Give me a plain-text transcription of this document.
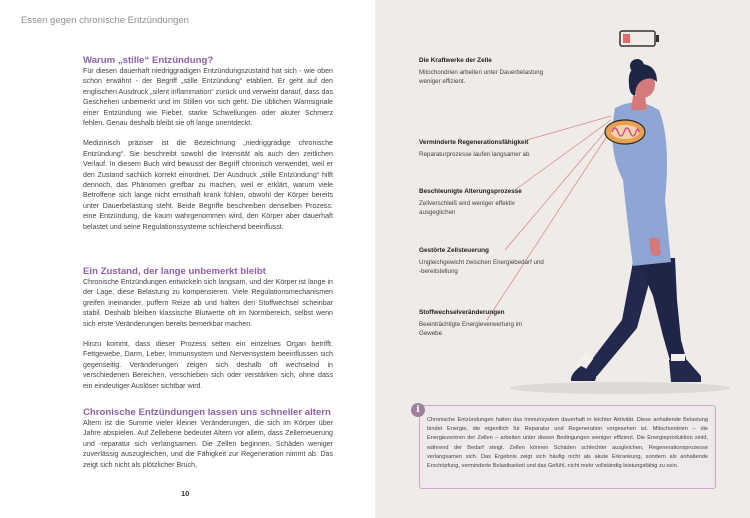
Essen gegen chronische Entzündungen
Warum „stille“ Entzündung?

Für diesen dauerhaft niedriggradigen Entzündungszustand hat sich - wie oben schon erwähnt - der Begriff „stille Entzündung“ etabliert. Er geht auf den englischen Ausdruck „silent inflammation“ zurück und verweist darauf, dass das Geschehen unbemerkt und im Stillen vor sich geht. Die üblichen Warnsignale einer Entzündung wie Fieber, starke Schwellungen oder akuter Schmerz fehlen. Genau deshalb bleibt sie oft lange unentdeckt.

Medizinisch präziser ist die Bezeichnung „niedriggradige chronische Entzündung“. Sie beschreibt sowohl die Intensität als auch den zeitlichen Verlauf. In diesem Buch wird bewusst der Begriff chronisch verwendet, weil er den Zustand sachlich korrekt einordnet. Der Ausdruck „stille Entzündung“ hilft dennoch, das Phänomen greifbar zu machen, weil er erklärt, warum viele Betroffene sich lange nicht ernsthaft krank fühlen, obwohl der Körper bereits unter Dauerbelastung steht. Beide Begriffe beschreiben denselben Prozess: eine Entzündung, die kaum wahrgenommen wird, den Körper aber dauerhaft belastet und seine Regulationssysteme schleichend beeinflusst.

Ein Zustand, der lange unbemerkt bleibt

Chronische Entzündungen entwickeln sich langsam, und der Körper ist lange in der Lage, diese Belastung zu kompensieren. Viele Regulationsmechanismen greifen ineinander, puffern Reize ab und halten den Stoffwechsel scheinbar stabil. Deshalb bleiben klassische Blutwerte oft im Normbereich, selbst wenn sich erste Veränderungen bereits bemerkbar machen.

Hinzu kommt, dass dieser Prozess selten ein einzelnes Organ betrifft. Fettgewebe, Darm, Leber, Immunsystem und Nervensystem beeinflussen sich gegenseitig. Veränderungen zeigen sich deshalb oft wechselnd in verschiedenen Bereichen, verschieben sich oder verstärken sich, ohne dass ein eindeutiger Auslöser sichtbar wird.

Chronische Entzündungen lassen uns schneller altern

Altern ist die Summe vieler kleiner Veränderungen, die sich im Körper über Jahre abspielen. Auf Zellebene bedeutet Altern vor allem, dass Zellerneuerung und -reparatur sich verlangsamen. Die Zellen beginnen, Schäden weniger zuverlässig auszugleichen, und die Fähigkeit zur Regeneration nimmt ab. Das zeigt sich nicht als plötzlicher Bruch,

10
Die Kraftwerke der Zelle
Mitochondrien arbeiten unter Dauerbelastung weniger effizient.
Verminderte Regenerationsfähigkeit
Reparaturprozesse laufen langsamer ab
Beschleunigte Alterungsprozesse
Zellverschleiß wird weniger effektiv ausgeglichen
Gestörte Zellsteuerung
Ungleichgewicht zwischen Energiebedarf und -bereitstellung
Stoffwechselveränderungen
Beeinträchtigte Energieverwertung im Gewebe
Chronische Entzündungen halten das Immunsystem dauerhaft in leichter Aktivität. Diese anhaltende Belastung bindet Energie, die eigentlich für Reparatur und Regeneration vorgesehen ist. Mitochondrien – die Energiezentren der Zellen – arbeiten unter diesen Bedingungen weniger effizient. Die Energieproduktion sinkt, während der Bedarf steigt. Zellen können Schäden schlechter ausgleichen, Regenerationsprozesse verlangsamen sich. Das Ergebnis zeigt sich häufig nicht als akute Erkrankung, sondern als anhaltende Erschöpfung, verminderte Belastbarkeit und das Gefühl, nicht mehr vollständig leistungsfähig zu sein.
i
